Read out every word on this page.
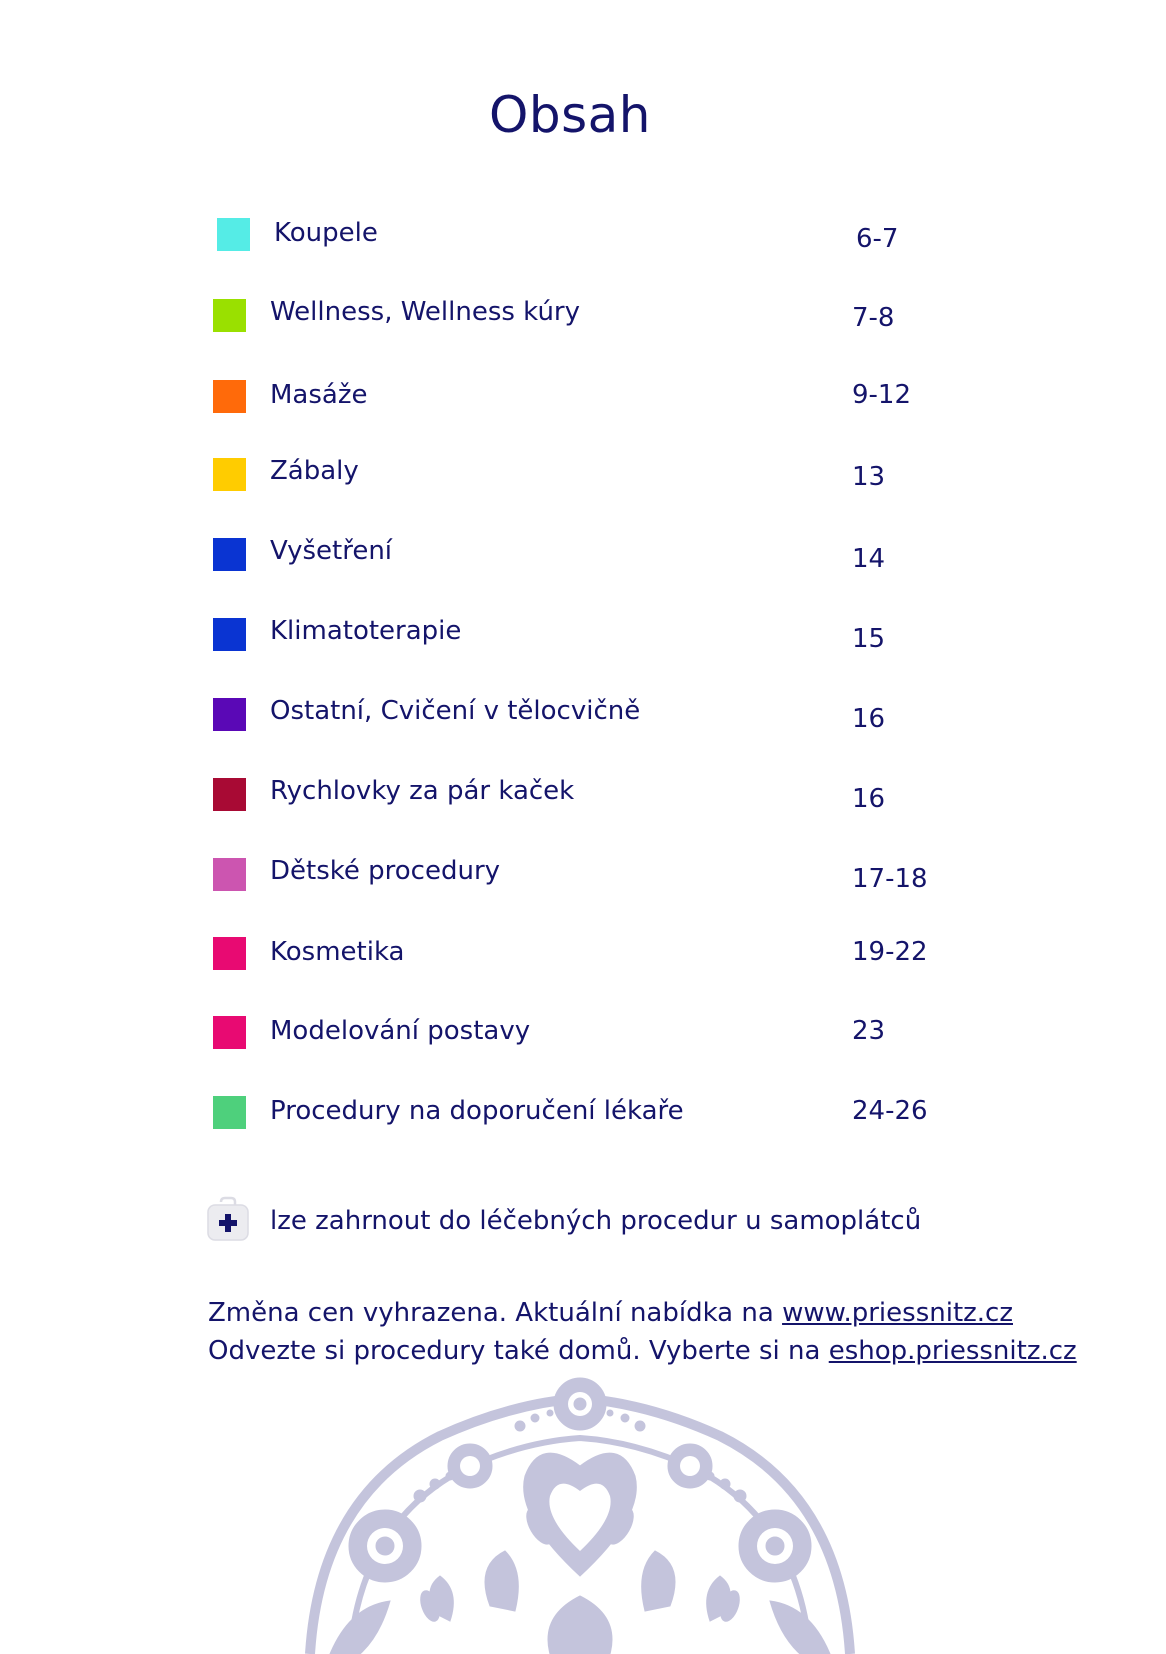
Obsah
Koupele	6-7
Wellness, Wellness kúry	7-8
Masáže	9-12
Zábaly	13
Vyšetření	14
Klimatoterapie	15
Ostatní, Cvičení v tělocvičně	16
Rychlovky za pár kaček	16
Dětské procedury	17-18
Kosmetika	19-22
Modelování postavy	23
Procedury na doporučení lékaře	24-26
lze zahrnout do léčebných procedur u samoplátců
Změna cen vyhrazena. Aktuální nabídka na www.priessnitz.cz
Odvezte si procedury také domů. Vyberte si na eshop.priessnitz.cz
